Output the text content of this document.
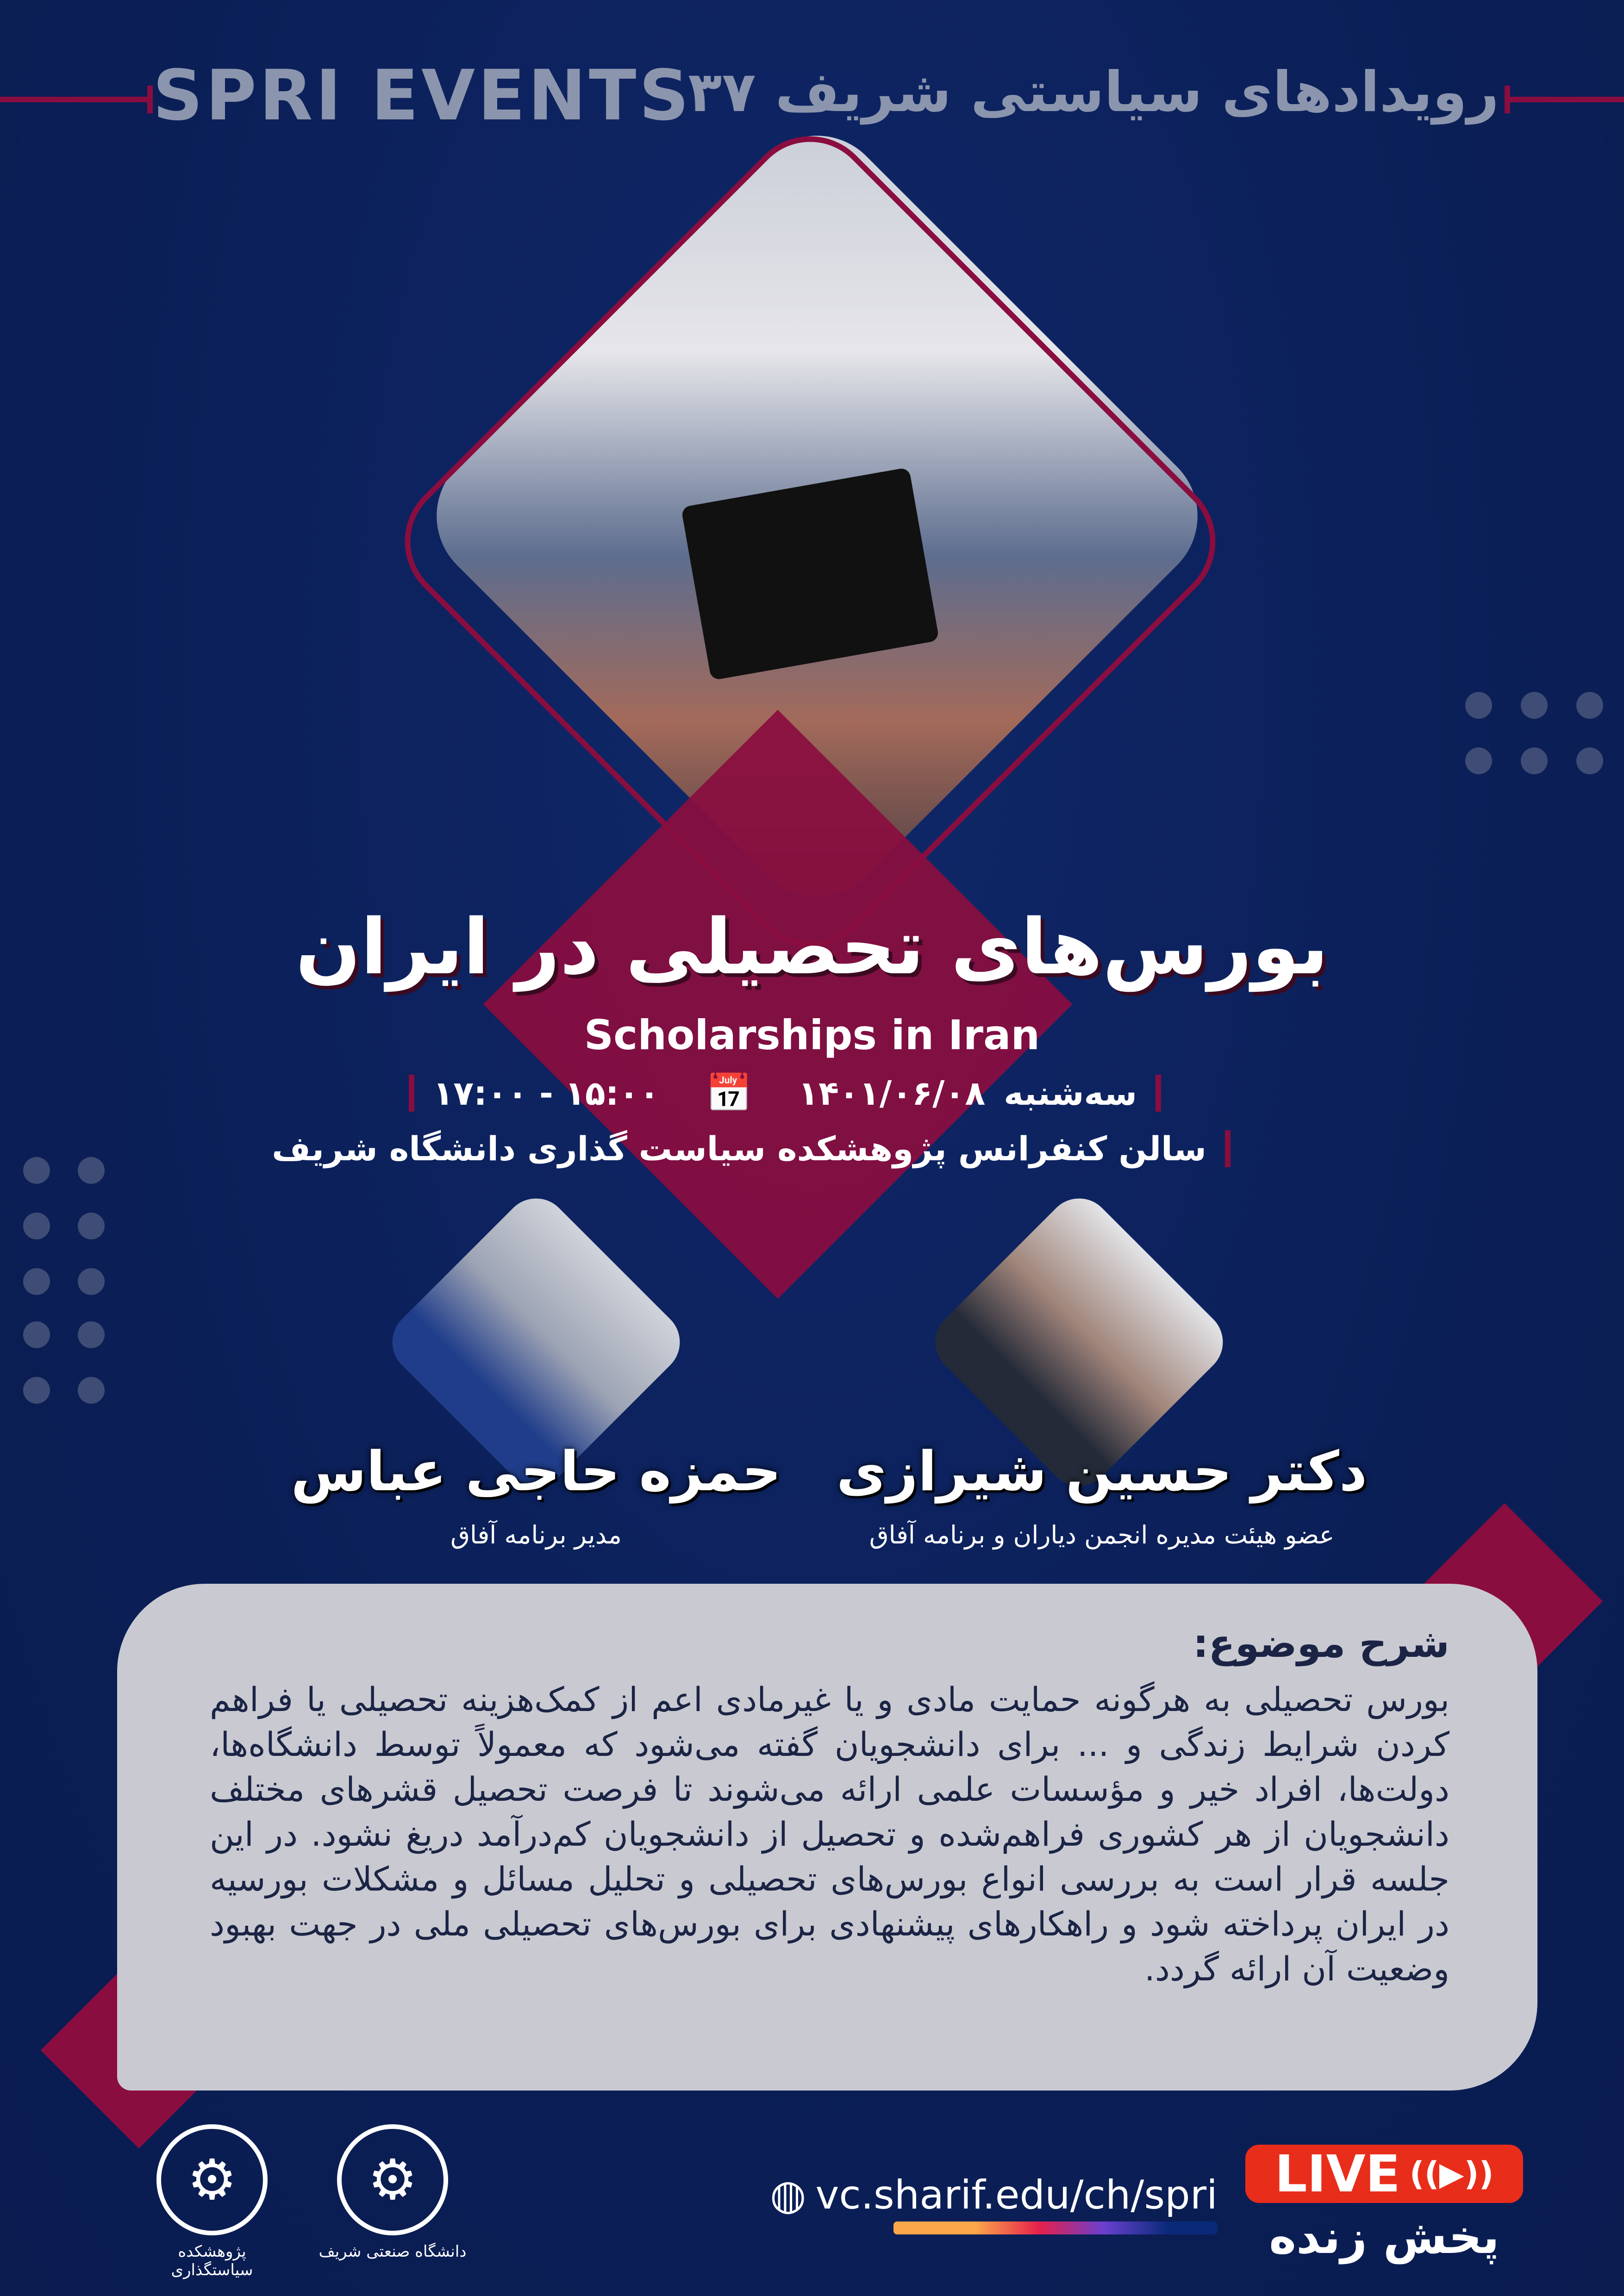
SPRI EVENTS
رویدادهای سیاستی شریف ۳۷
بورس‌های تحصیلی در ایران
Scholarships in Iran
سه‌شنبه
۱۴۰۱/۰۶/۰۸
📅
۱۵:۰۰ - ۱۷:۰۰
سالن کنفرانس پژوهشکده سیاست گذاری دانشگاه شریف
حمزه حاجی عباس
مدیر برنامه آفاق
دکتر حسین شیرازی
عضو هیئت مدیره انجمن دیاران و برنامه آفاق
شرح موضوع:

بورس تحصیلی به هرگونه حمایت مادی و یا غیرمادی اعم از کمک‌هزینه تحصیلی یا فراهم کردن شرایط زندگی و ... برای دانشجویان گفته می‌شود که معمولاً توسط دانشگاه‌ها، دولت‌ها، افراد خیر و مؤسسات علمی ارائه می‌شوند تا فرصت تحصیل قشرهای مختلف دانشجویان از هر کشوری فراهم‌شده و تحصیل از دانشجویان کم‌درآمد دریغ نشود. در این جلسه قرار است به بررسی انواع بورس‌های تحصیلی و تحلیل مسائل و مشکلات بورسیه در ایران پرداخته شود و راهکارهای پیشنهادی برای بورس‌های تحصیلی ملی در جهت بهبود وضعیت آن ارائه گردد.

⚙
پژوهشکده سیاستگذاری
⚙
دانشگاه صنعتی شریف
◍ vc.sharif.edu/ch/spri LIVE ((▶))
پخش زنده
